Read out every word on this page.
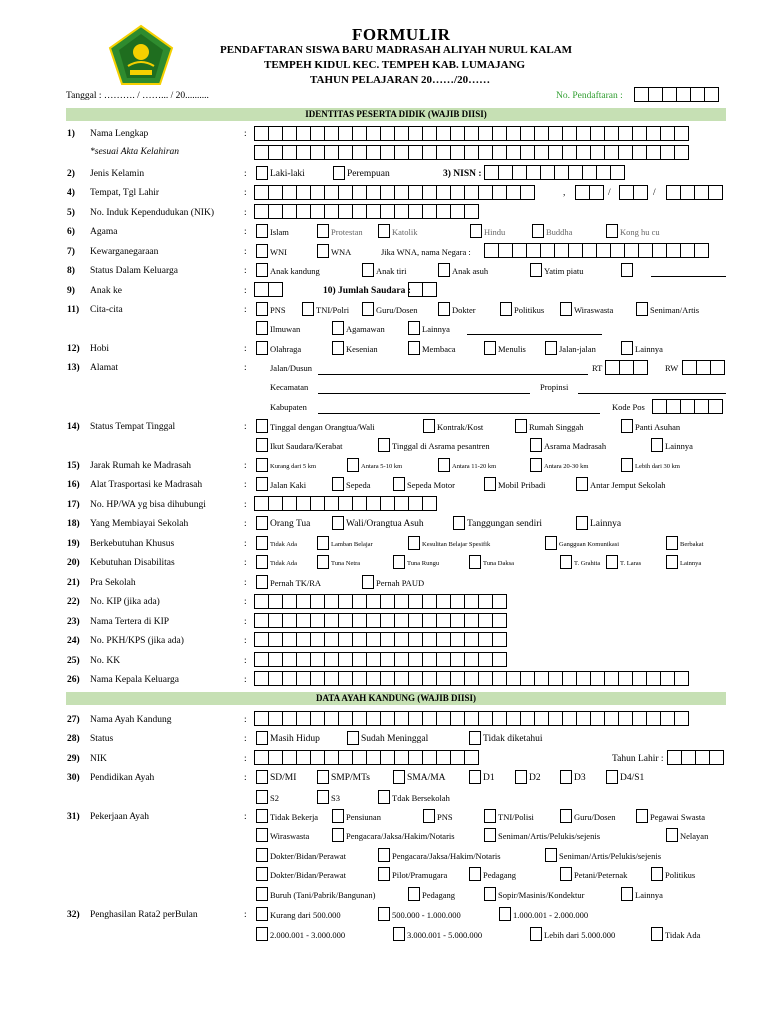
FORMULIR
PENDAFTARAN SISWA BARU MADRASAH ALIYAH NURUL KALAM
TEMPEH KIDUL KEC. TEMPEH KAB. LUMAJANG
TAHUN PELAJARAN 20……/20……
Tanggal : ………. / ……... / 20..........	No. Pendaftaran :
IDENTITAS PESERTA DIDIK (WAJIB DIISI)
1) Nama Lengkap	:
*sesuai Akta Kelahiran
2) Jenis Kelamin	: Laki-laki	Perempuan	3) NISN :
4) Tempat, Tgl Lahir	:	,	/	/
5) No. Induk Kependudukan (NIK)	:
6) Agama	:	Islam	Protestan	Katolik	Hindu	Buddha	Kong hu cu
7) Kewarganegaraan	:	WNI	WNA	Jika WNA, nama Negara :
8) Status Dalam Keluarga	:	Anak kandung	Anak tiri	Anak asuh	Yatim piatu
9) Anak ke	:	10) Jumlah Saudara :
11) Cita-cita	:	PNS	TNI/Polri	Guru/Dosen	Dokter	Politikus	Wiraswasta	Seniman/Artis
Ilmuwan	Agamawan	Lainnya
12) Hobi	:	Olahraga	Kesenian	Membaca	Menulis	Jalan-jalan	Lainnya
13) Alamat	:	Jalan/Dusun	RT	RW
Kecamatan	Propinsi
Kabupaten	Kode Pos
14) Status Tempat Tinggal	:	Tinggal dengan Orangtua/Wali	Kontrak/Kost	Rumah Singgah	Panti Asuhan
Ikut Saudara/Kerabat	Tinggal di Asrama pesantren	Asrama Madrasah	Lainnya
15) Jarak Rumah ke Madrasah	:	Kurang dari 5 km	Antara 5-10 km	Antara 11-20 km	Antara 20-30 km	Lebih dari 30 km
16) Alat Trasportasi ke Madrasah	:	Jalan Kaki	Sepeda	Sepeda Motor	Mobil Pribadi	Antar Jemput Sekolah
17) No. HP/WA yg bisa dihubungi	:
18) Yang Membiayai Sekolah	: Orang Tua	Wali/Orangtua Asuh	Tanggungan sendiri	Lainnya
19) Berkebutuhan Khusus	:	Tidak Ada	Lamban Belajar	Kesulitan Belajar Spesifik	Gangguan Komunikasi	Berbakat
20) Kebutuhan Disabilitas	:	Tidak Ada	Tuna Netra	Tuna Rungu	Tuna Daksa	T. Grahita	T. Laras	Lainnya
21) Pra Sekolah	:	Pernah TK/RA	Pernah PAUD
22) No. KIP (jika ada)	:
23) Nama Tertera di KIP	:
24) No. PKH/KPS (jika ada)	:
25) No. KK	:
26) Nama Kepala Keluarga	:
DATA AYAH KANDUNG (WAJIB DIISI)
27) Nama Ayah Kandung	:
28) Status	: Masih Hidup	Sudah Meninggal	Tidak diketahui
29) NIK	:	Tahun Lahir :
30) Pendidikan Ayah	: SD/MI	SMP/MTs	SMA/MA	D1	D2	D3	D4/S1
S2	S3	Tdak Bersekolah
31) Pekerjaan Ayah	:	Tidak Bekerja	Pensiunan	PNS	TNI/Polisi	Guru/Dosen	Pegawai Swasta
Wiraswasta	Pengacara/Jaksa/Hakim/Notaris	Seniman/Artis/Pelukis/sejenis	Nelayan
Dokter/Bidan/Perawat	Pengacara/Jaksa/Hakim/Notaris	Seniman/Artis/Pelukis/sejenis
Dokter/Bidan/Perawat	Pilot/Pramugara	Pedagang	Petani/Peternak	Politikus
Buruh (Tani/Pabrik/Bangunan)	Pedagang	Sopir/Masinis/Kondektur	Lainnya
32) Penghasilan Rata2 perBulan	:	Kurang dari 500.000	500.000 - 1.000.000	1.000.001 - 2.000.000
2.000.001 - 3.000.000	3.000.001 - 5.000.000	Lebih dari 5.000.000	Tidak Ada
